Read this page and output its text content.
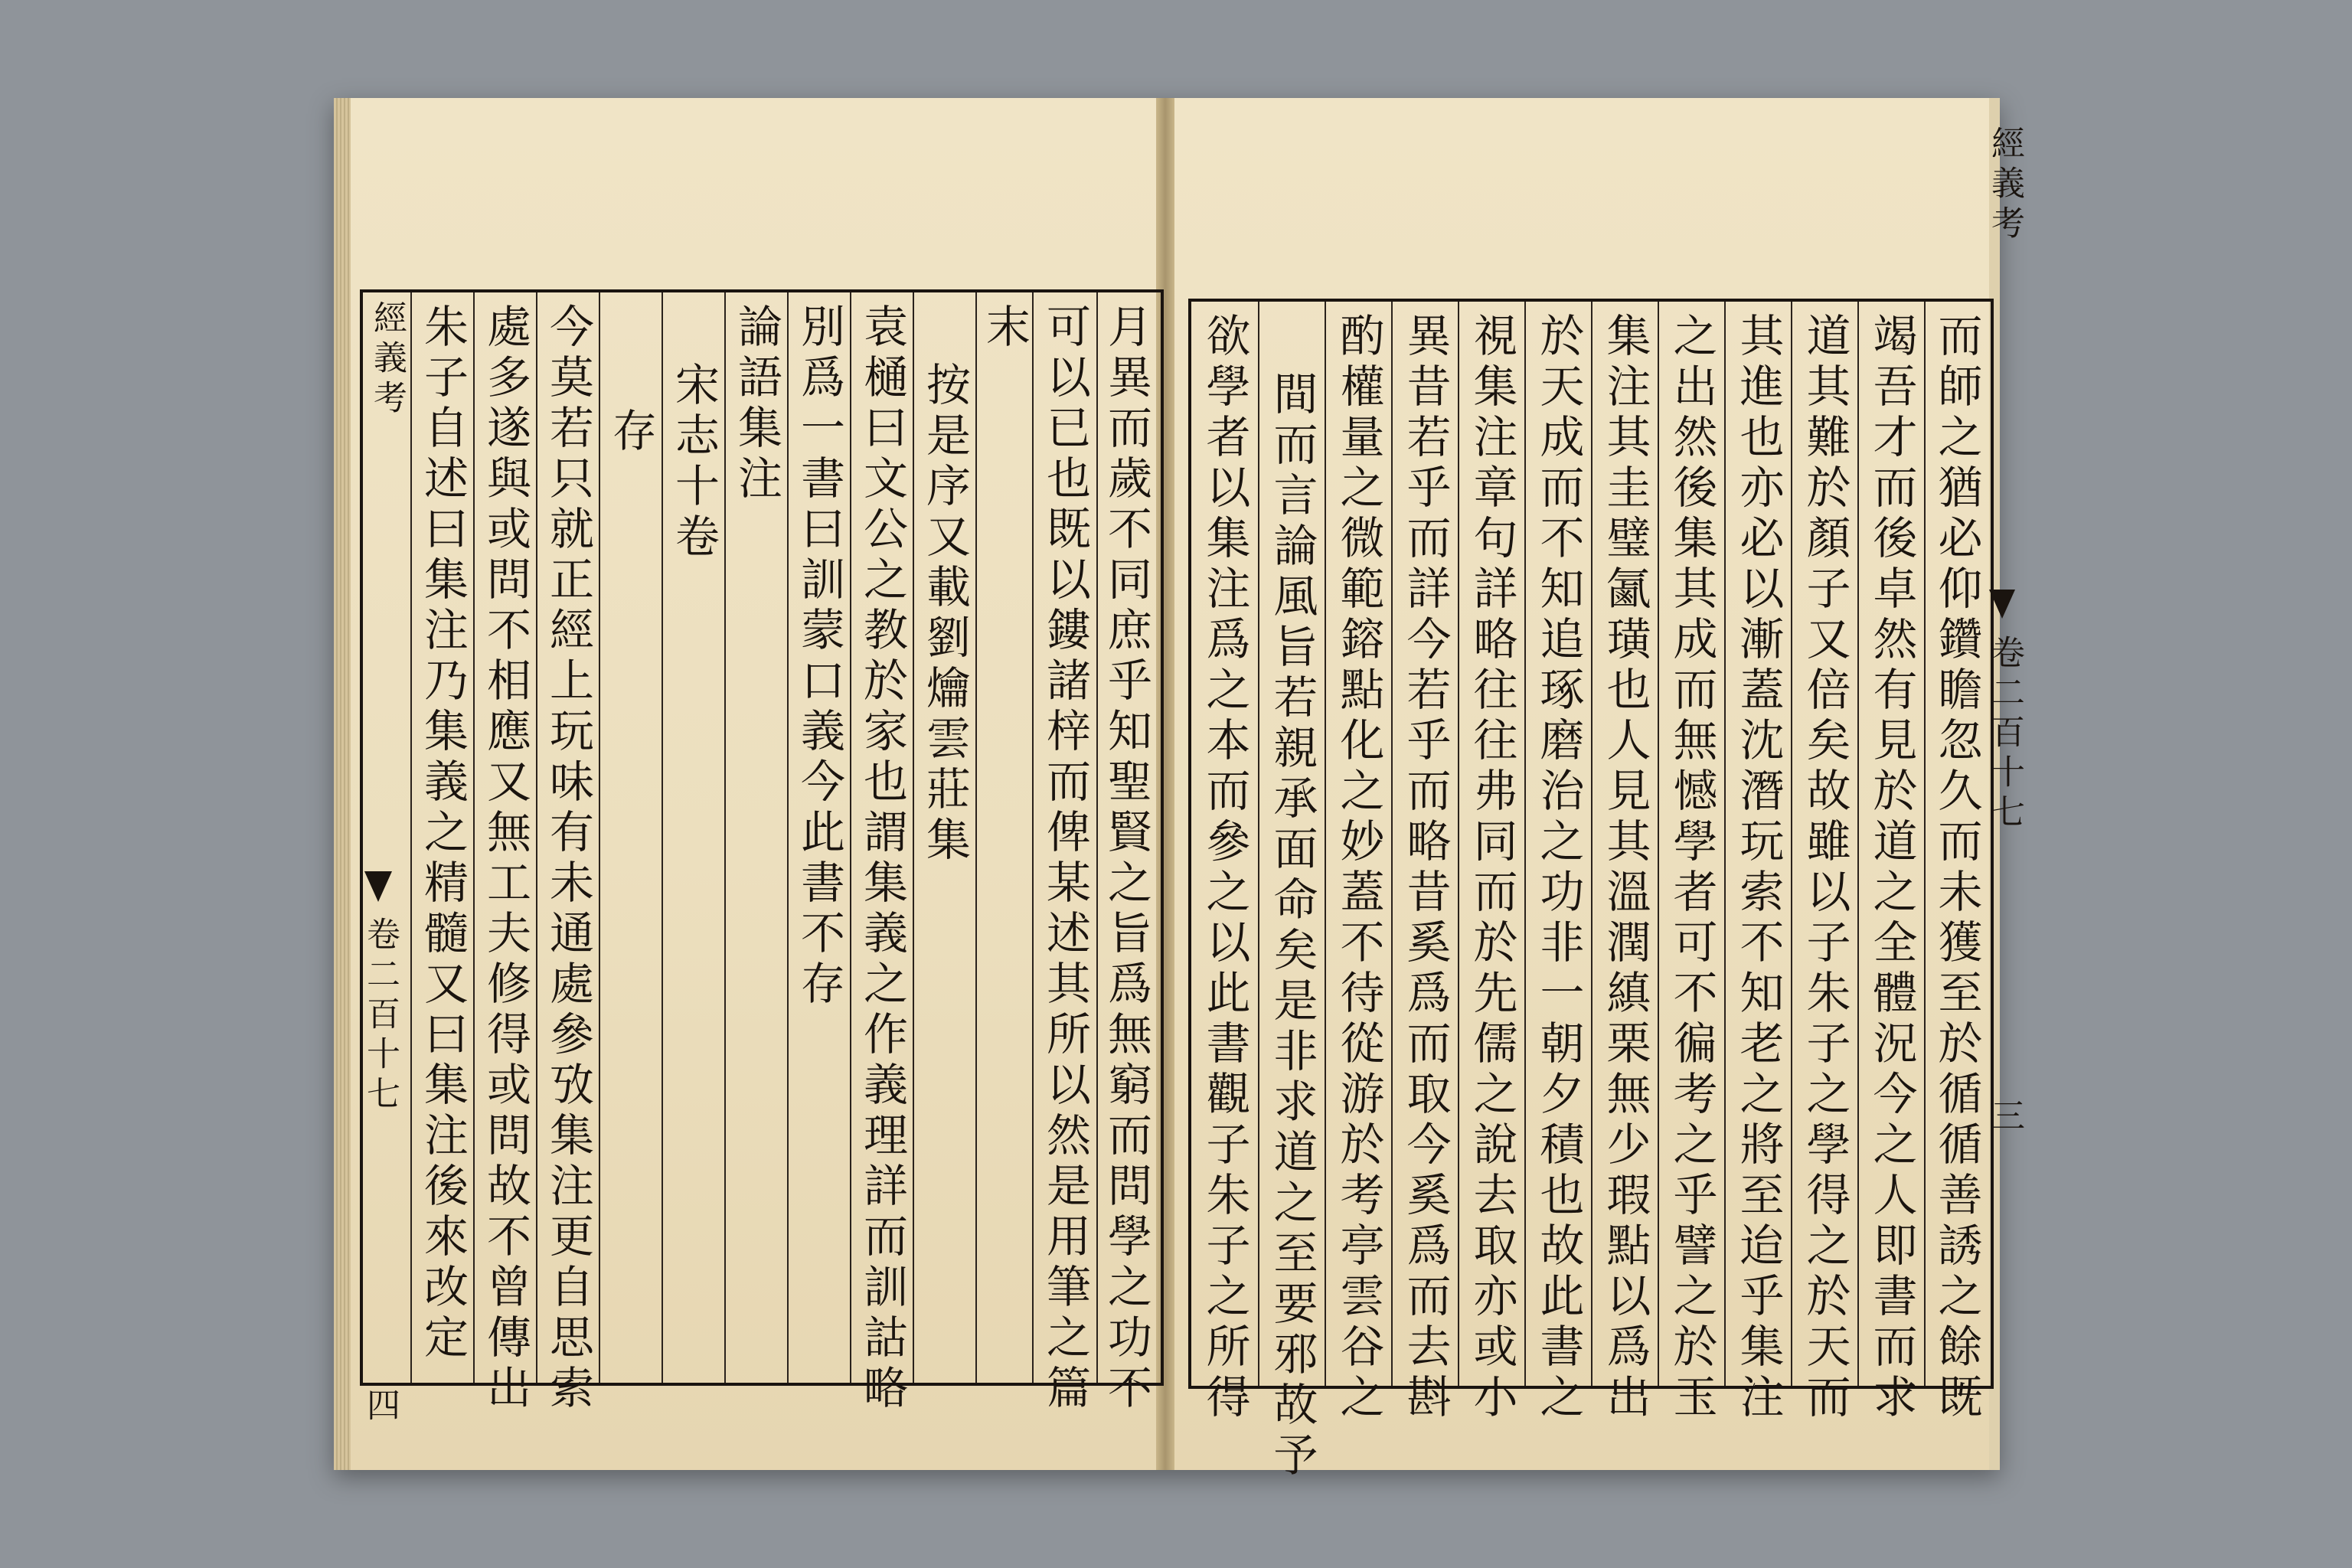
經義考 朱子自述曰集注乃集義之精髓又曰集注後來改定 處多遂與或問不相應又無工夫修得或問故不曾傳出 今莫若只就正經上玩味有未通處參攷集注更自思索 存 宋志十卷 論語集注 別爲一書曰訓蒙口義今此書不存 袁樋曰文公之教於家也謂集義之作義理詳而訓詁略 按是序又載劉爚雲莊集
末 可以已也既以鏤諸梓而俾某述其所以然是用筆之篇 月異而歲不同庶乎知聖賢之旨爲無窮而問學之功不
卷二百十七
四	欲學者以集注爲之本而參之以此書觀子朱子之所得 間而言論風旨若親承面命矣是非求道之至要邪故予 酌權量之微範鎔點化之妙蓋不待從游於考亭雲谷之 異昔若乎而詳今若乎而略昔奚爲而取今奚爲而去斟 視集注章句詳略往往弗同而於先儒之說去取亦或小 於天成而不知追琢磨治之功非一朝夕積也故此書之 集注其圭璧㲶璜也人見其溫潤縝栗無少瑕點以爲出 之出然後集其成而無憾學者可不徧考之乎譬之於玉 其進也亦必以漸蓋沈潛玩索不知老之將至迨乎集注 道其難於顏子又倍矣故雖以子朱子之學得之於天而 竭吾才而後卓然有見於道之全體況今之人即書而求 而師之猶必仰鑽瞻忽久而未獲至於循循善誘之餘既
經義考
卷二百十七
三
